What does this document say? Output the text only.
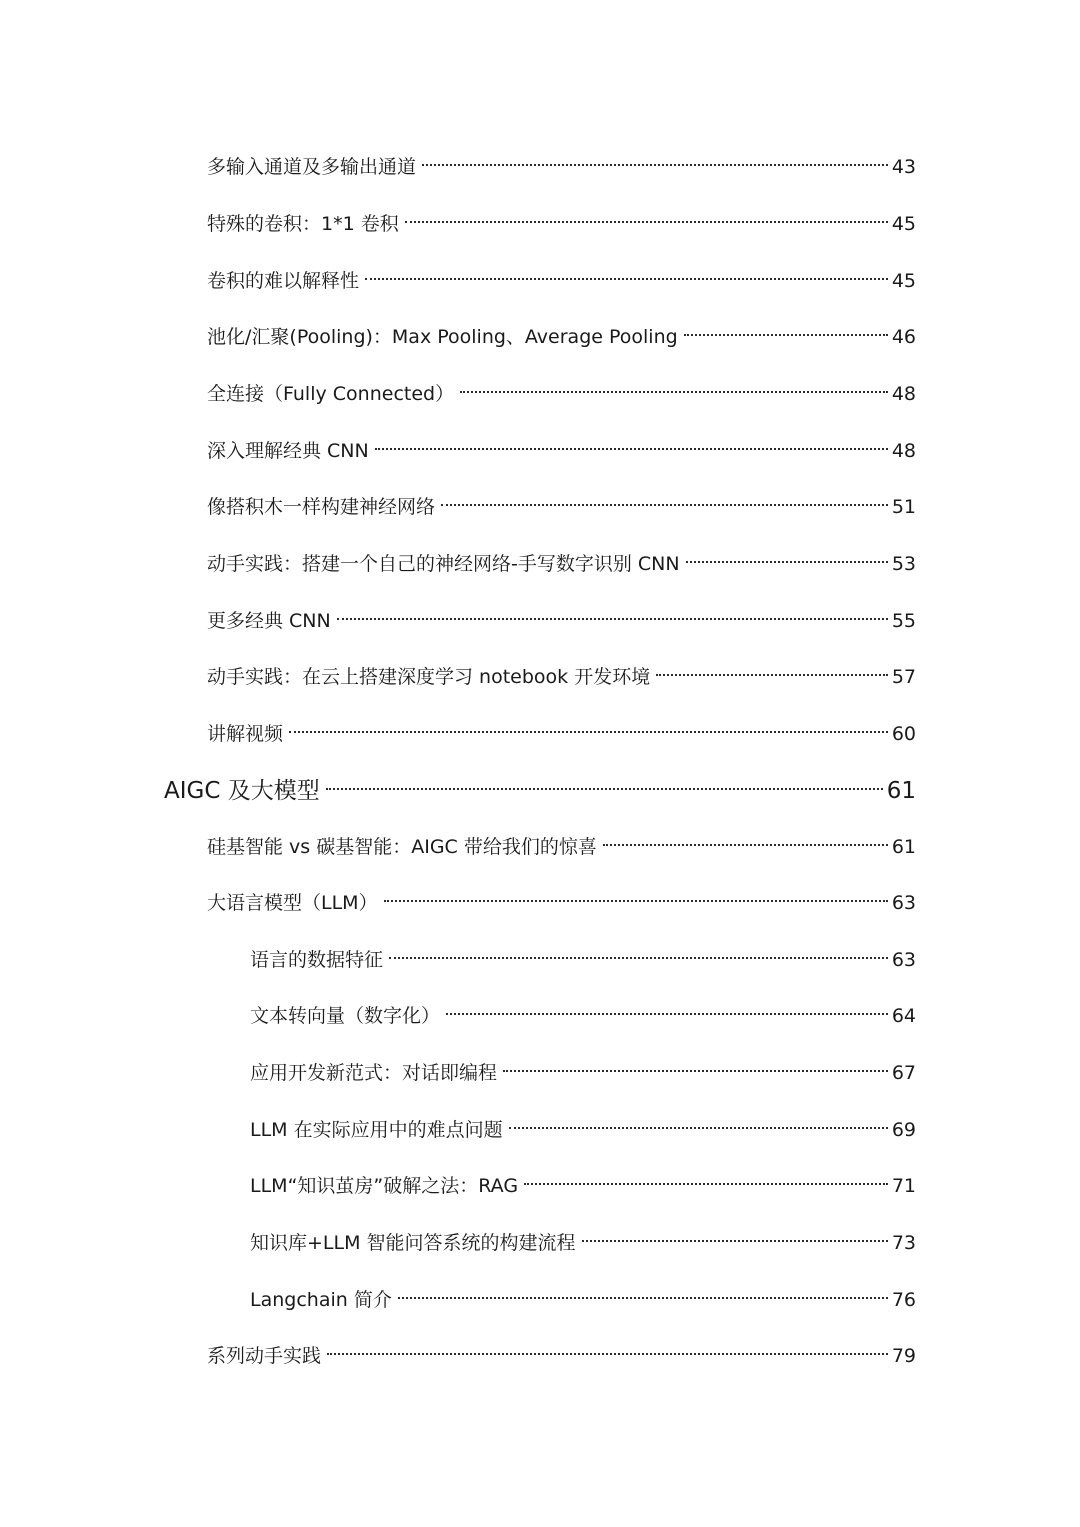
多输入通道及多输出通道	43
特殊的卷积：1*1 卷积	45
卷积的难以解释性	45
池化/汇聚(Pooling)：Max Pooling、Average Pooling	46
全连接（Fully Connected）	48
深入理解经典 CNN	48
像搭积木一样构建神经网络	51
动手实践：搭建一个自己的神经网络-手写数字识别 CNN	53
更多经典 CNN	55
动手实践：在云上搭建深度学习 notebook 开发环境	57
讲解视频	60
AIGC 及大模型	61
硅基智能 vs 碳基智能：AIGC 带给我们的惊喜	61
大语言模型（LLM）	63
语言的数据特征	63
文本转向量（数字化）	64
应用开发新范式：对话即编程	67
LLM 在实际应用中的难点问题	69
LLM“知识茧房”破解之法：RAG	71
知识库+LLM 智能问答系统的构建流程	73
Langchain 简介	76
系列动手实践	79
